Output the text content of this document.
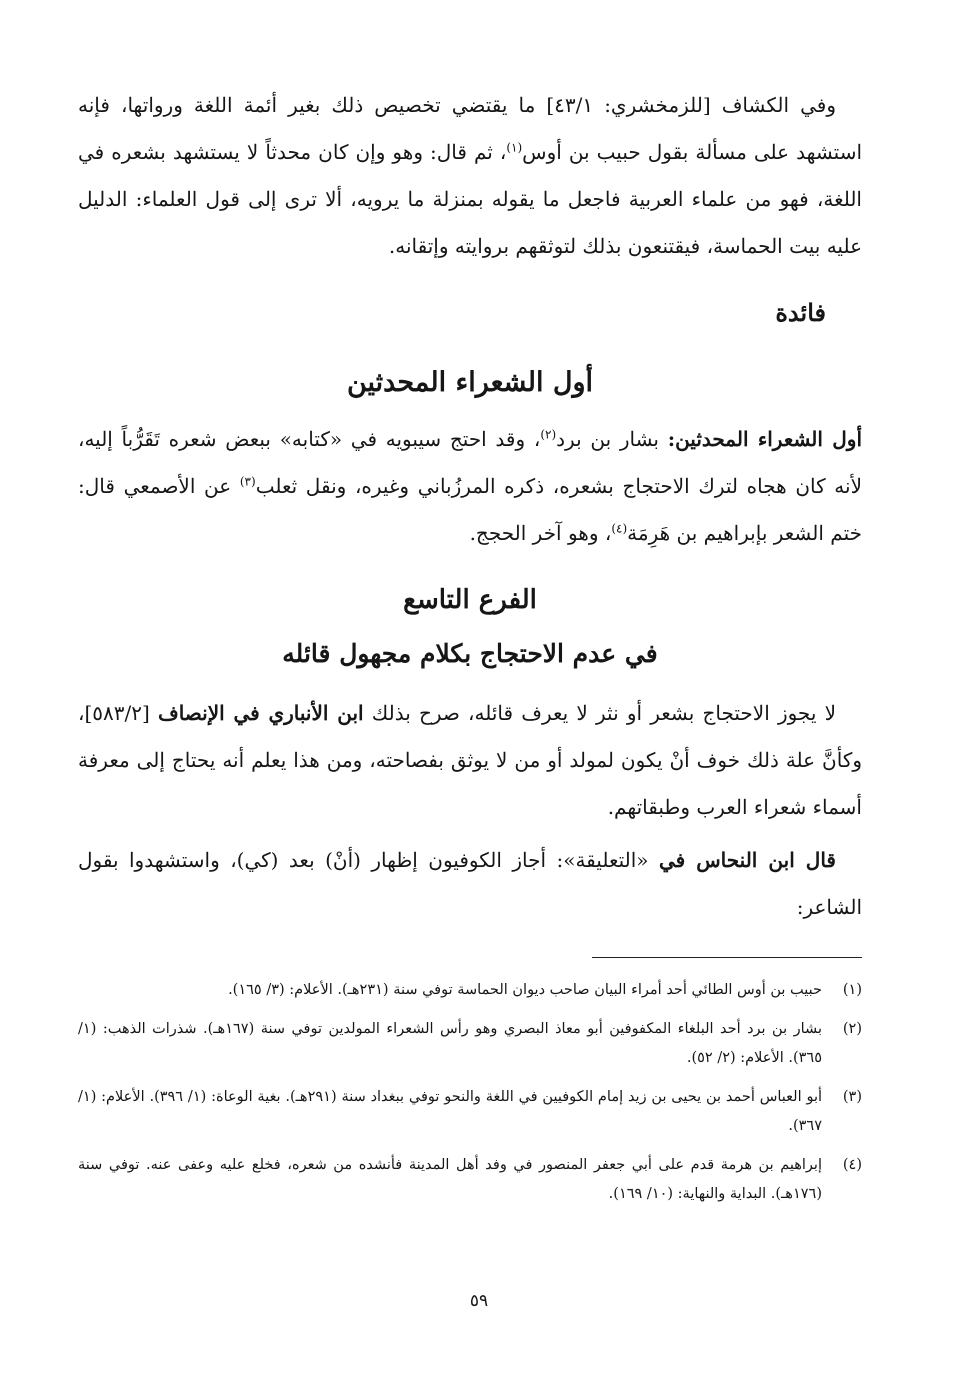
وفي الكشاف [للزمخشري: ٤٣/١] ما يقتضي تخصيص ذلك بغير أئمة اللغة ورواتها، فإنه استشهد على مسألة بقول حبيب بن أوس$^{(١)}$، ثم قال: وهو وإن كان محدثاً لا يستشهد بشعره في اللغة، فهو من علماء العربية فاجعل ما يقوله بمنزلة ما يرويه، ألا ترى إلى قول العلماء: الدليل عليه بيت الحماسة، فيقتنعون بذلك لتوثقهم بروايته وإتقانه.

فائدة
أول الشعراء المحدثين

أول الشعراء المحدثين: بشار بن برد$^{(٢)}$، وقد احتج سيبويه في «كتابه» ببعض شعره تَقَرُّباً إليه، لأنه كان هجاه لترك الاحتجاج بشعره، ذكره المرزُباني وغيره، ونقل ثعلب$^{(٣)}$ عن الأصمعي قال: ختم الشعر بإبراهيم بن هَرِمَة$^{(٤)}$، وهو آخر الحجج.

الفرع التاسع
في عدم الاحتجاج بكلام مجهول قائله

لا يجوز الاحتجاج بشعر أو نثر لا يعرف قائله، صرح بذلك ابن الأنباري في الإنصاف [٥٨٣/٢]، وكأنَّ علة ذلك خوف أنْ يكون لمولد أو من لا يوثق بفصاحته، ومن هذا يعلم أنه يحتاج إلى معرفة أسماء شعراء العرب وطبقاتهم.

قال ابن النحاس في «التعليقة»: أجاز الكوفيون إظهار (أنْ) بعد (كي)، واستشهدوا بقول الشاعر:

(١)
حبيب بن أوس الطائي أحد أمراء البيان صاحب ديوان الحماسة توفي سنة (٢٣١هـ). الأعلام: (٣/ ١٦٥).
(٢)
بشار بن برد أحد البلغاء المكفوفين أبو معاذ البصري وهو رأس الشعراء المولدين توفي سنة (١٦٧هـ). شذرات الذهب: (١/ ٣٦٥). الأعلام: (٢/ ٥٢).
(٣)
أبو العباس أحمد بن يحيى بن زيد إمام الكوفيين في اللغة والنحو توفي ببغداد سنة (٢٩١هـ). بغية الوعاة: (١/ ٣٩٦). الأعلام: (١/ ٣٦٧).
(٤)
إبراهيم بن هرمة قدم على أبي جعفر المنصور في وفد أهل المدينة فأنشده من شعره، فخلع عليه وعفى عنه. توفي سنة (١٧٦هـ). البداية والنهاية: (١٠/ ١٦٩).
٥٩
